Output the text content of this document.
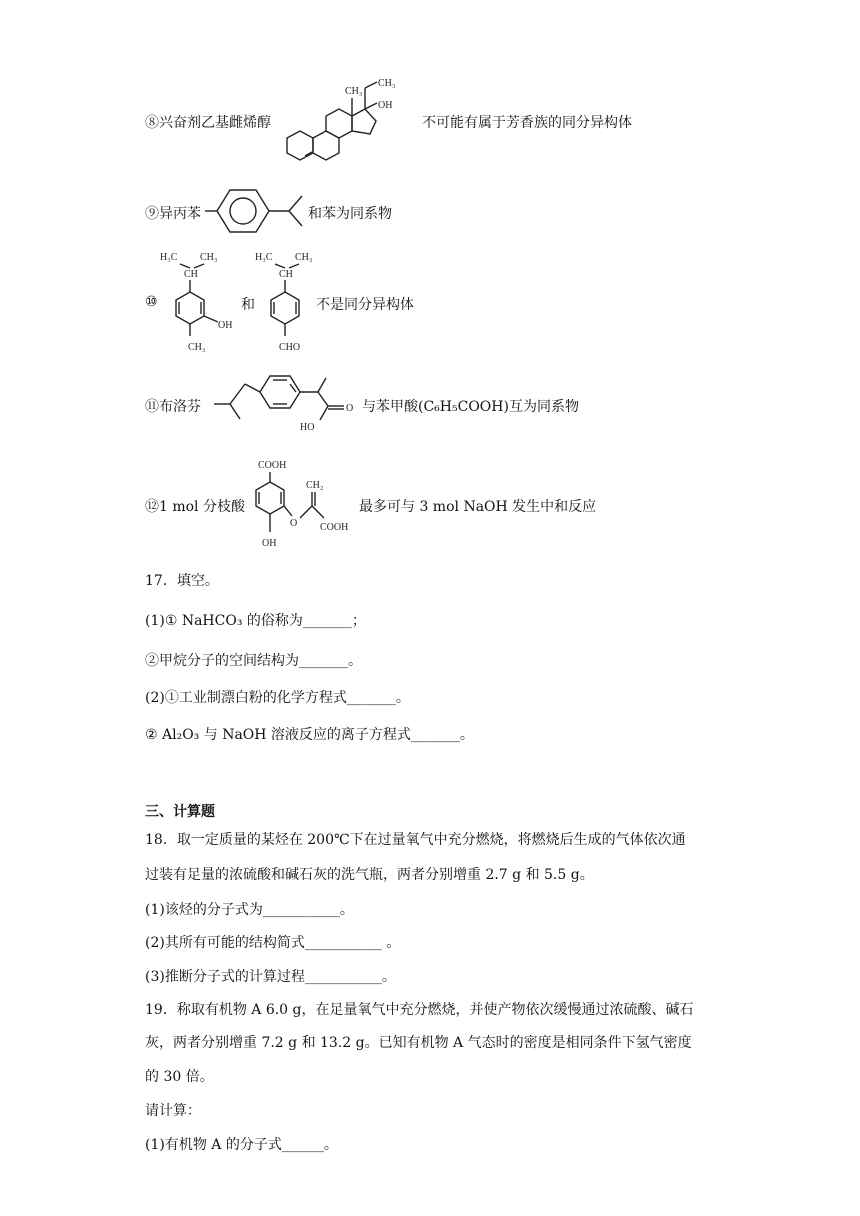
⑧兴奋剂乙基雌烯醇
CH₃
CH₃
OH
不可能有属于芳香族的同分异构体
⑨异丙苯	和苯为同系物
⑩
H₃C CH₃
CH
OH
CH₃
和
H₃C CH₃
CH
CHO
不是同分异构体
⑪布洛芬	O
HO
与苯甲酸(C₆H₅COOH)互为同系物
⑫1 mol 分枝酸
COOH
O
CH₂
COOH
OH
最多可与 3 mol NaOH 发生中和反应
17．填空。
(1)① NaHCO₃ 的俗称为_______；
②甲烷分子的空间结构为_______。
(2)①工业制漂白粉的化学方程式_______。
② Al₂O₃ 与 NaOH 溶液反应的离子方程式_______。
三、计算题
18．取一定质量的某烃在 200℃下在过量氧气中充分燃烧，将燃烧后生成的气体依次通
过装有足量的浓硫酸和碱石灰的洗气瓶，两者分别增重 2.7 g 和 5.5 g。
(1)该烃的分子式为___________。
(2)其所有可能的结构简式___________ 。
(3)推断分子式的计算过程___________。
19．称取有机物 A 6.0 g，在足量氧气中充分燃烧，并使产物依次缓慢通过浓硫酸、碱石
灰，两者分别增重 7.2 g 和 13.2 g。已知有机物 A 气态时的密度是相同条件下氢气密度
的 30 倍。
请计算：
(1)有机物 A 的分子式______。
